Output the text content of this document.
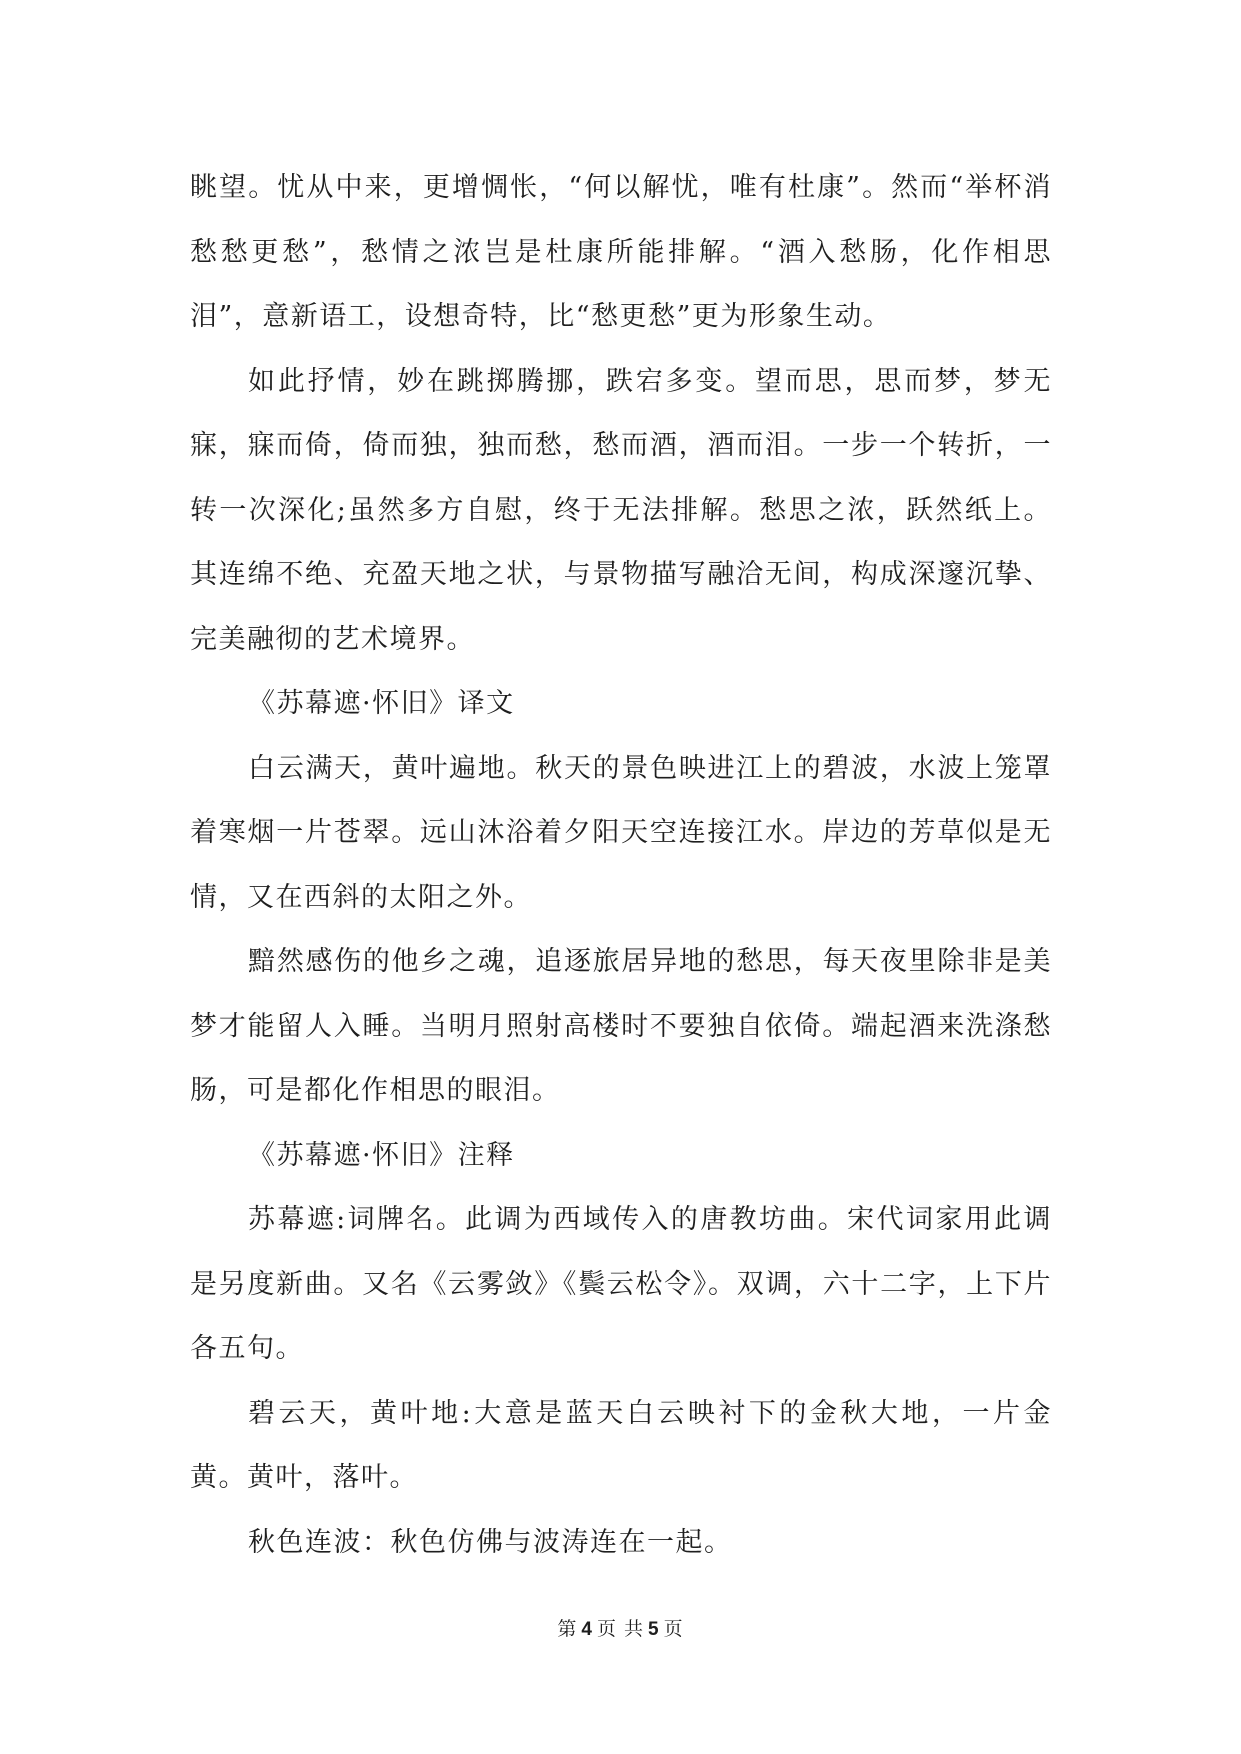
眺望。忧从中来，更增惆怅，“何以解忧，唯有杜康”。然而“举杯消愁愁更愁”，愁情之浓岂是杜康所能排解。“酒入愁肠，化作相思泪”，意新语工，设想奇特，比“愁更愁”更为形象生动。

如此抒情，妙在跳掷腾挪，跌宕多变。望而思，思而梦，梦无寐，寐而倚，倚而独，独而愁，愁而酒，酒而泪。一步一个转折，一转一次深化;虽然多方自慰，终于无法排解。愁思之浓，跃然纸上。其连绵不绝、充盈天地之状，与景物描写融洽无间，构成深邃沉挚、完美融彻的艺术境界。

《苏幕遮·怀旧》译文

白云满天，黄叶遍地。秋天的景色映进江上的碧波，水波上笼罩着寒烟一片苍翠。远山沐浴着夕阳天空连接江水。岸边的芳草似是无情，又在西斜的太阳之外。

黯然感伤的他乡之魂，追逐旅居异地的愁思，每天夜里除非是美梦才能留人入睡。当明月照射高楼时不要独自依倚。端起酒来洗涤愁肠，可是都化作相思的眼泪。

《苏幕遮·怀旧》注释

苏幕遮:词牌名。此调为西域传入的唐教坊曲。宋代词家用此调是另度新曲。又名《云雾敛》《鬓云松令》。双调，六十二字，上下片各五句。

碧云天，黄叶地:大意是蓝天白云映衬下的金秋大地，一片金黄。黄叶，落叶。

秋色连波：秋色仿佛与波涛连在一起。

第 4 页 共 5 页
